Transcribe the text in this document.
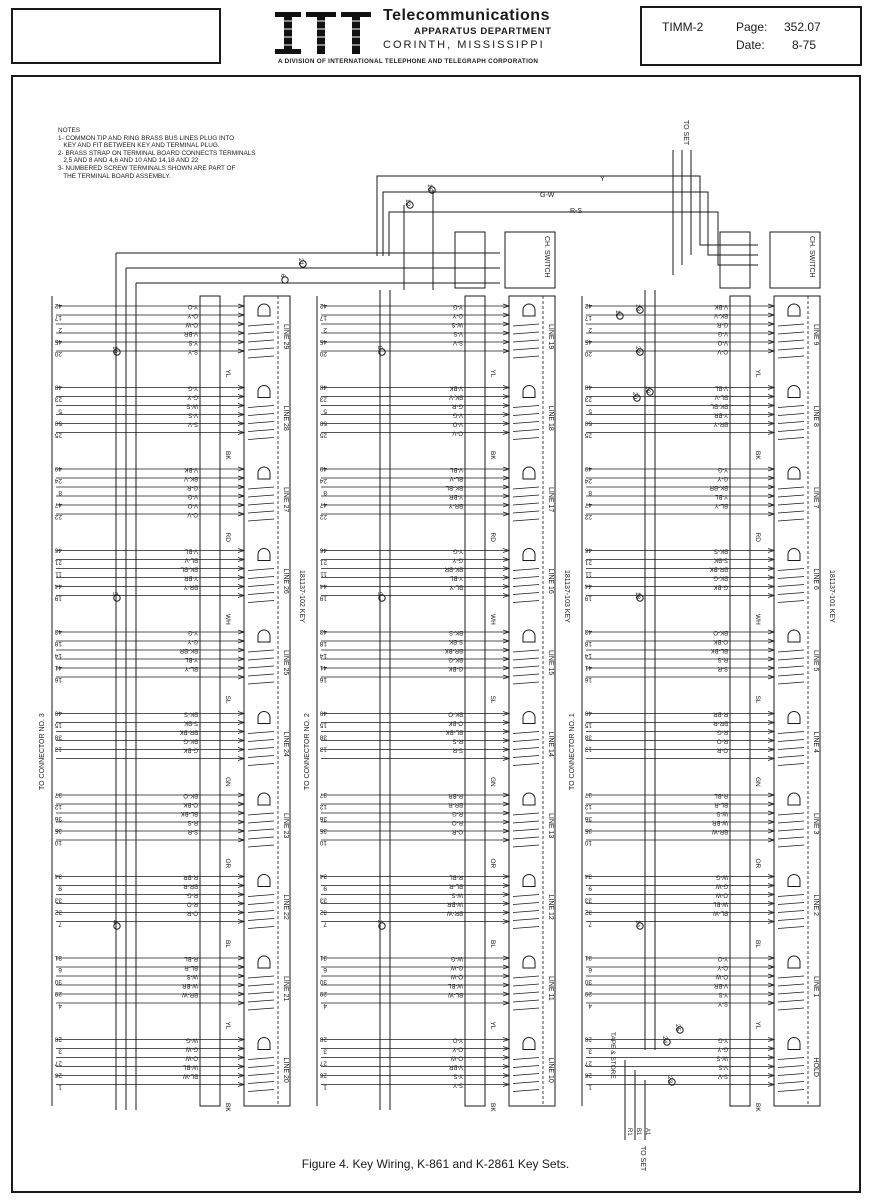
Telecommunications
APPARATUS DEPARTMENT
CORINTH, MISSISSIPPI
A DIVISION OF INTERNATIONAL TELEPHONE AND TELEGRAPH CORPORATION
TIMM-2	Page: 352.07
Date: 8-75
NOTES
1- COMMON TIP AND RING BRASS BUS LINES PLUG INTO
KEY AND FIT BETWEEN KEY AND TERMINAL PLUG.
2- BRASS STRAP ON TERMINAL BOARD CONNECTS TERMINALS
2,5 AND 8 AND 4,6 AND 10 AND 14,18 AND 22
3- NUMBERED SCREW TERMINALS SHOWN ARE PART OF
THE TERMINAL BOARD ASSEMBLY.	Y
G-W
R-S
TO SET
TO SET
R1 B1 A1
TAPE & STORE
TO CONNECTOR NO. 3
181137-102 KEY
Y-O
O-Y
O-W
V-BR
Y-S
S-Y
42
17
2
45
20
LINE 29
YL
Y-G
G-Y
W-S
V-S
S-V
48
23
5
50
25
LINE 28
BK
V-BK
BK-V
G-R
V-G
V-O
O-V
49
24
8
47
22
LINE 27
RD
V-BL
BL-V
BK-BL
Y-BR
BR-Y
46
21
11
44
19
LINE 26
WH
Y-G
G-Y
BK-BR
Y-BL
BL-Y
43
18
14
41
16
LINE 25
SL
BK-S
S-BK
BR-BK
BK-G
G-BK
40
15
38
13	LINE 24
GN
BK-O
O-BK
BL-BK
R-S
S-R
37
12
36
35
10
LINE 23
OR
R-BR
BR-R
R-G
R-O
O-R
34
9
33
32
7
LINE 22
BL
R-BL
BL-R
W-S
W-BR
BR-W
31
6
30
29
4
LINE 21
YL
W-G
G-W
O-W
W-BL
BL-W
28
3
27
26
1
LINE 20
BK
TO CONNECTOR NO. 2
181137-103 KEY
Y-G
G-Y
W-S
V-S
S-V
42
17
2
45
20
LINE 19
YL
V-BK
BK-V
G-R
V-G
V-O
O-V
48
23
5
50
25
LINE 18
BK
V-BL
BL-V
BK-BL
Y-BR
BR-Y
49
24
8
47
22
LINE 17
RD
Y-G
G-Y
BK-BR
Y-BL
BL-Y
46
21
11
44
19
LINE 16
WH
BK-S
S-BK
BR-BK
BK-G
G-BK
43
18
14
41
16
LINE 15
SL
BK-O
O-BK
BL-BK
R-S
S-R
40
15
38
13	LINE 14
GN
R-BR
BR-R
R-G
R-O
O-R
37
12
36
35
10
LINE 13
OR
R-BL
BL-R
W-S
W-BR
BR-W
34
9
33
32
7
LINE 12
BL
W-G
G-W
O-W
W-BL
BL-W
31
6
30
29
4
LINE 11
YL
Y-O
O-Y
O-W
V-BR
Y-S
S-Y
28
3
27
26
1
LINE 10
BK
CH. SWITCH
TO CONNECTOR NO. 1
181137-101 KEY
V-BK
BK-V
G-R
V-G
V-O
O-V
42
17
2
45
20
LINE 9
YL
V-BL
BL-V
BK-BL
Y-BR
BR-Y
48
23
5
50
25
LINE 8
BK
Y-G
G-Y
BK-BR
Y-BL
BL-Y
49
24
8
47
22
LINE 7
RD
BK-S
S-BK
BR-BK
BK-G
G-BK
46
21
11
44
19
LINE 6
WH
BK-O
O-BK
BL-BK
R-S
S-R
43
18
14
41
16
LINE 5
SL
R-BR
BR-R
R-G
R-O
O-R
40
15
38
13	LINE 4
GN
R-BL
BL-R
W-S
W-BR
BR-W
37
12
36
35
10
LINE 3
OR
W-G
G-W
O-W
W-BL
BL-W
34
9
33
32
7
LINE 2
BL
Y-O
O-Y
O-W
V-BR
Y-S
S-Y
31
6
30
29
4
LINE 1
YL
Y-G
G-Y
W-S
V-S
S-V
28
3
27
26
1
HOLD
BK
CH. SWITCH
12
16
21
6
10	8
13
11
22
19
20
5	9	18
4	2	14
24
25
23
Figure 4. Key Wiring, K-861 and K-2861 Key Sets.
